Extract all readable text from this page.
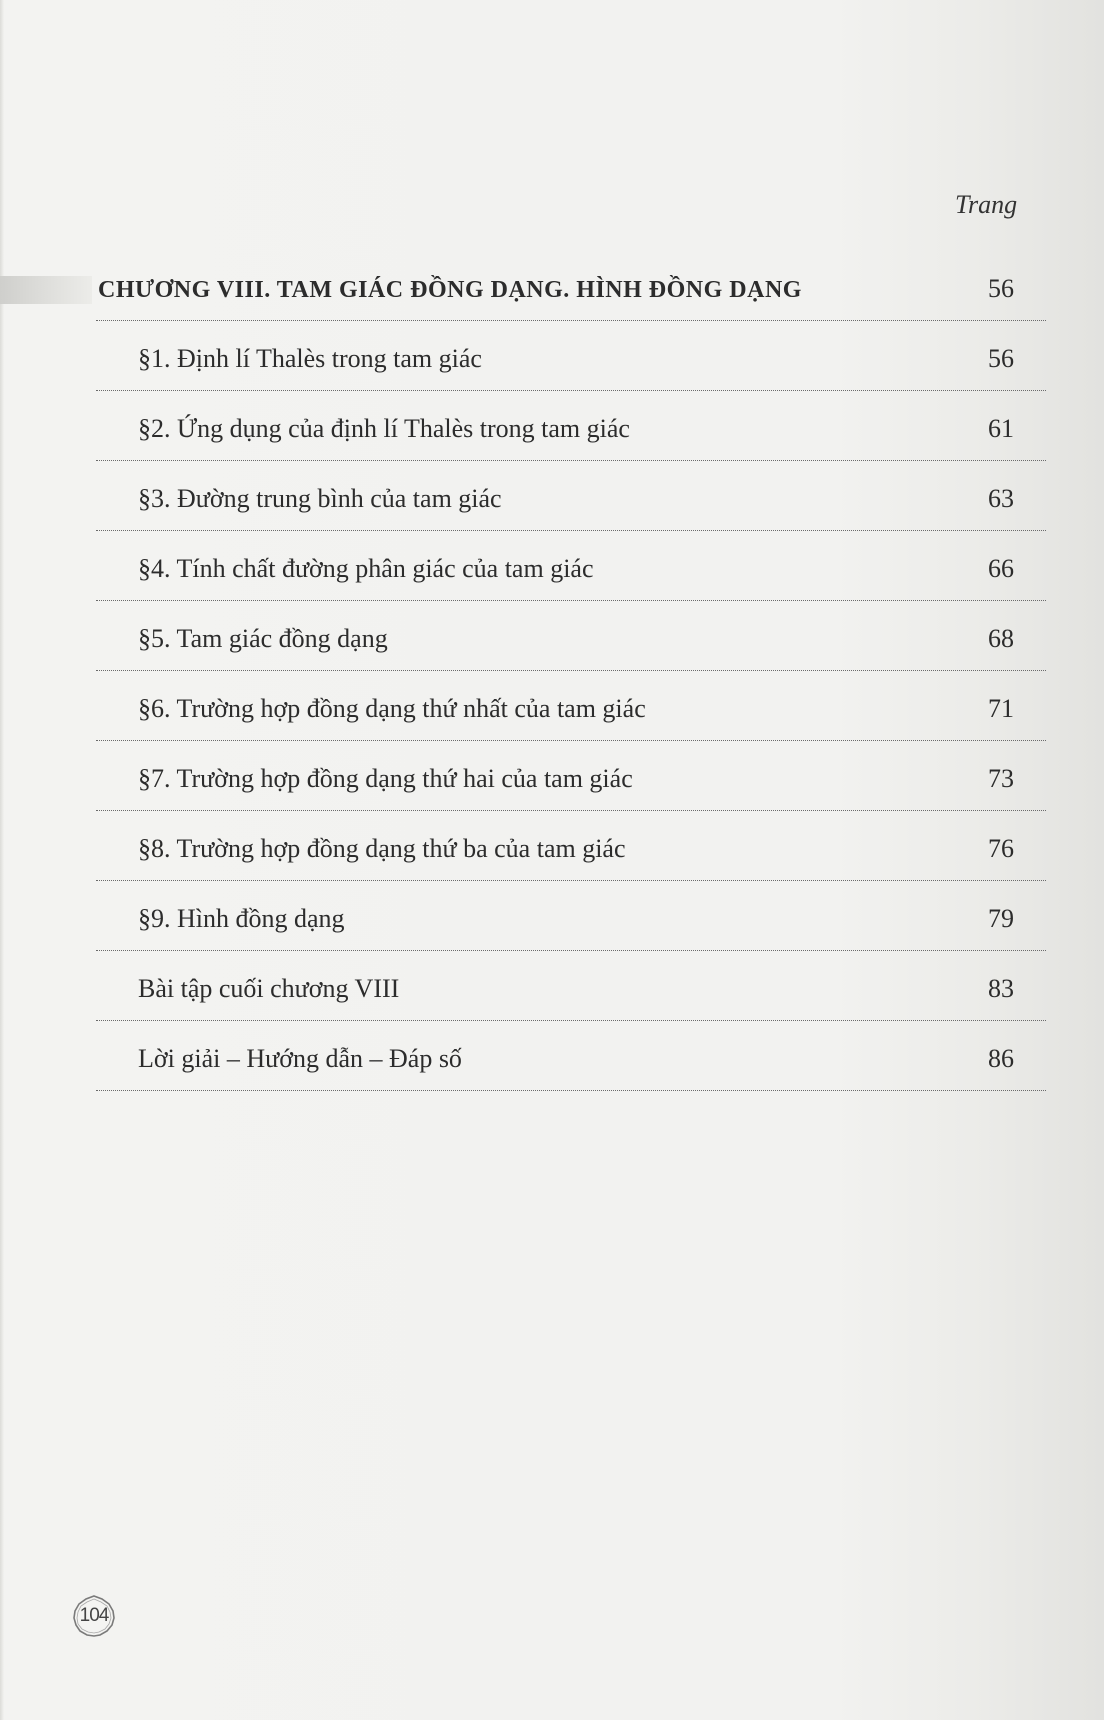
Trang
CHƯƠNG VIII. TAM GIÁC ĐỒNG DẠNG. HÌNH ĐỒNG DẠNG	56
§1. Định lí Thalès trong tam giác	56
§2. Ứng dụng của định lí Thalès trong tam giác	61
§3. Đường trung bình của tam giác	63
§4. Tính chất đường phân giác của tam giác	66
§5. Tam giác đồng dạng	68
§6. Trường hợp đồng dạng thứ nhất của tam giác	71
§7. Trường hợp đồng dạng thứ hai của tam giác	73
§8. Trường hợp đồng dạng thứ ba của tam giác	76
§9. Hình đồng dạng	79
Bài tập cuối chương VIII	83
Lời giải – Hướng dẫn – Đáp số	86
104
